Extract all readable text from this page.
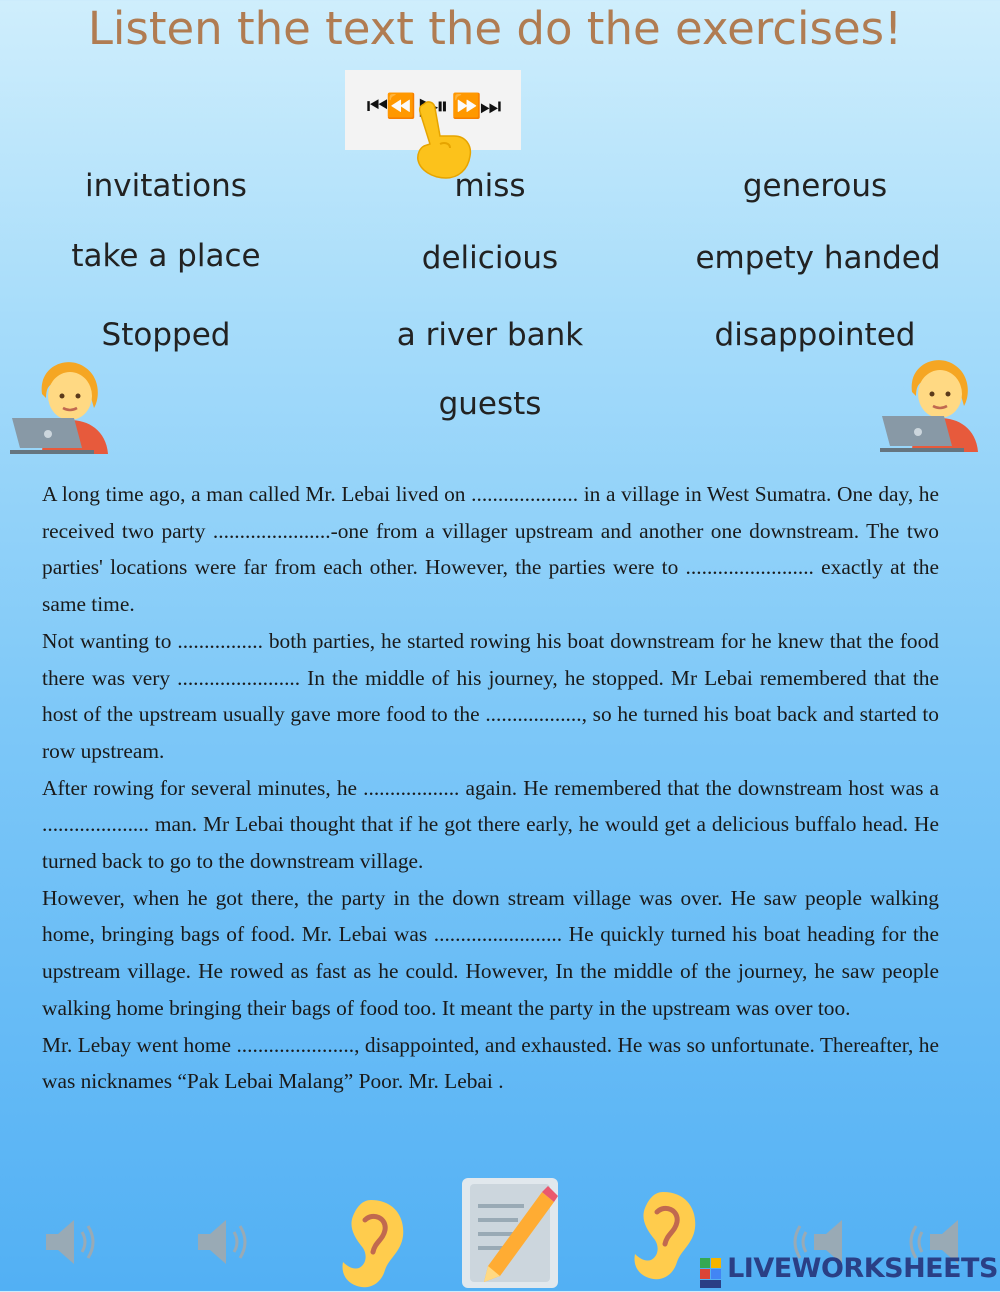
Listen the text the do the exercises!
⏮⏪ ⏸ ⏩⏭
invitations	miss	generous
take a place	delicious	empety handed
Stopped	a river bank	disappointed
guests

A long time ago, a man called Mr. Lebai lived on .................... in a village in West Sumatra. One day, he received two party ......................-one from a villager upstream and another one downstream. The two parties' locations were far from each other. However, the parties were to ........................ exactly at the same time.

Not wanting to ................ both parties, he started rowing his boat downstream for he knew that the food there was very ....................... In the middle of his journey, he stopped. Mr Lebai remembered that the host of the upstream usually gave more food to the .................., so he turned his boat back and started to row upstream.

After rowing for several minutes, he .................. again. He remembered that the downstream host was a .................... man. Mr Lebai thought that if he got there early, he would get a delicious buffalo head. He turned back to go to the downstream village.

However, when he got there, the party in the down stream village was over. He saw people walking home, bringing bags of food. Mr. Lebai was ........................ He quickly turned his boat heading for the upstream village. He rowed as fast as he could. However, In the middle of the journey, he saw people walking home bringing their bags of food too. It meant the party in the upstream was over too.

Mr. Lebay went home ......................, disappointed, and exhausted. He was so unfortunate. Thereafter, he was nicknames “Pak Lebai Malang” Poor. Mr. Lebai .

LIVEWORKSHEETS
